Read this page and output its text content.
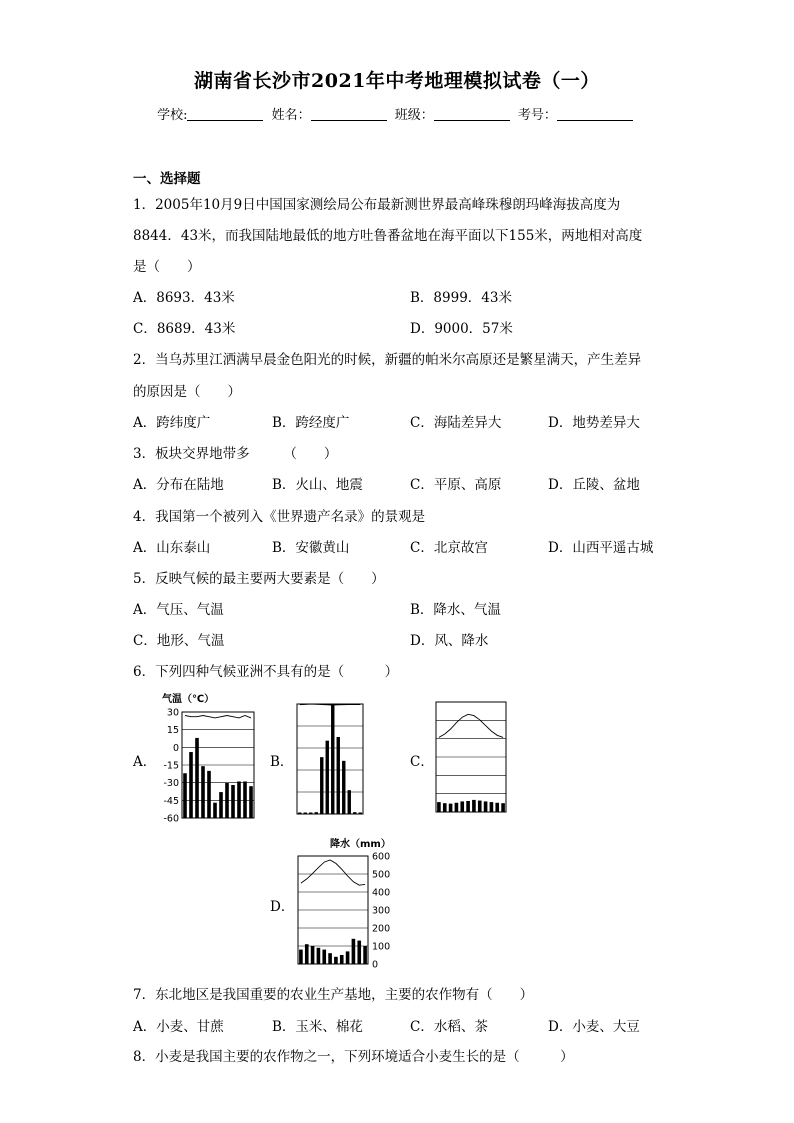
湖南省长沙市2021年中考地理模拟试卷（一）
学校:	姓名：	班级：	考号：
一、选择题
1．2005年10月9日中国国家测绘局公布最新测世界最高峰珠穆朗玛峰海拔高度为
8844．43米，而我国陆地最低的地方吐鲁番盆地在海平面以下155米，两地相对高度
是（　　）
A．8693．43米	B．8999．43米
C．8689．43米	D．9000．57米
2．当乌苏里江洒满早晨金色阳光的时候，新疆的帕米尔高原还是繁星满天，产生差异
的原因是（　　）
A．跨纬度广	B．跨经度广	C．海陆差异大	D．地势差异大
3．板块交界地带多　　　（　　）
A．分布在陆地	B．火山、地震	C．平原、高原	D．丘陵、盆地
4．我国第一个被列入《世界遗产名录》的景观是
A．山东泰山	B．安徽黄山	C．北京故宫	D．山西平遥古城
5．反映气候的最主要两大要素是（　　）
A．气压、气温	B．降水、气温
C．地形、气温	D．风、降水
6．下列四种气候亚洲不具有的是（　　　）
A．	B．	C．
D．
30
15
0
-15
-30
-45
-60
气温（℃）
600
500
400
300
200
100
0
降水（mm）
7．东北地区是我国重要的农业生产基地，主要的农作物有（　　）
A．小麦、甘蔗	B．玉米、棉花	C．水稻、茶	D．小麦、大豆
8．小麦是我国主要的农作物之一，下列环境适合小麦生长的是（　　　）
